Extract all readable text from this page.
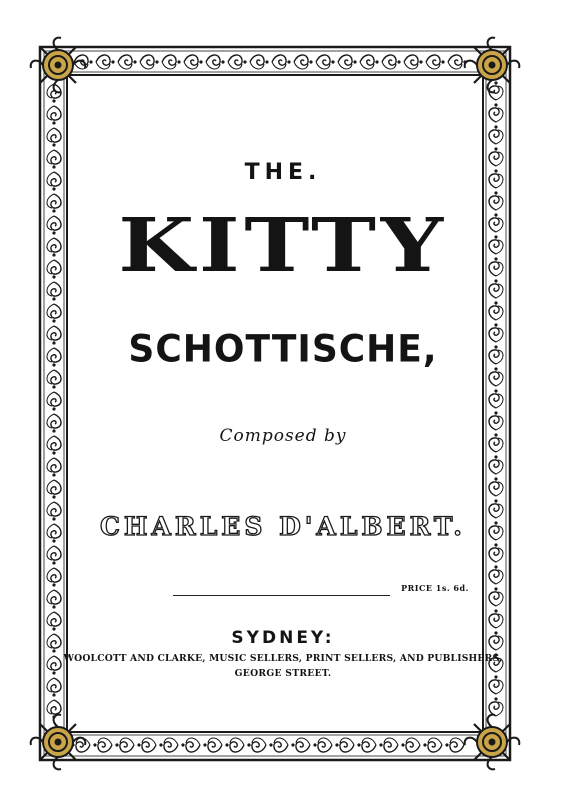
THE.
KITTY
SCHOTTISCHE,
Composed by
CHARLES D'ALBERT.
PRICE 1s. 6d.
SYDNEY:
WOOLCOTT AND CLARKE, MUSIC SELLERS, PRINT SELLERS, AND PUBLISHERS,
GEORGE STREET.
